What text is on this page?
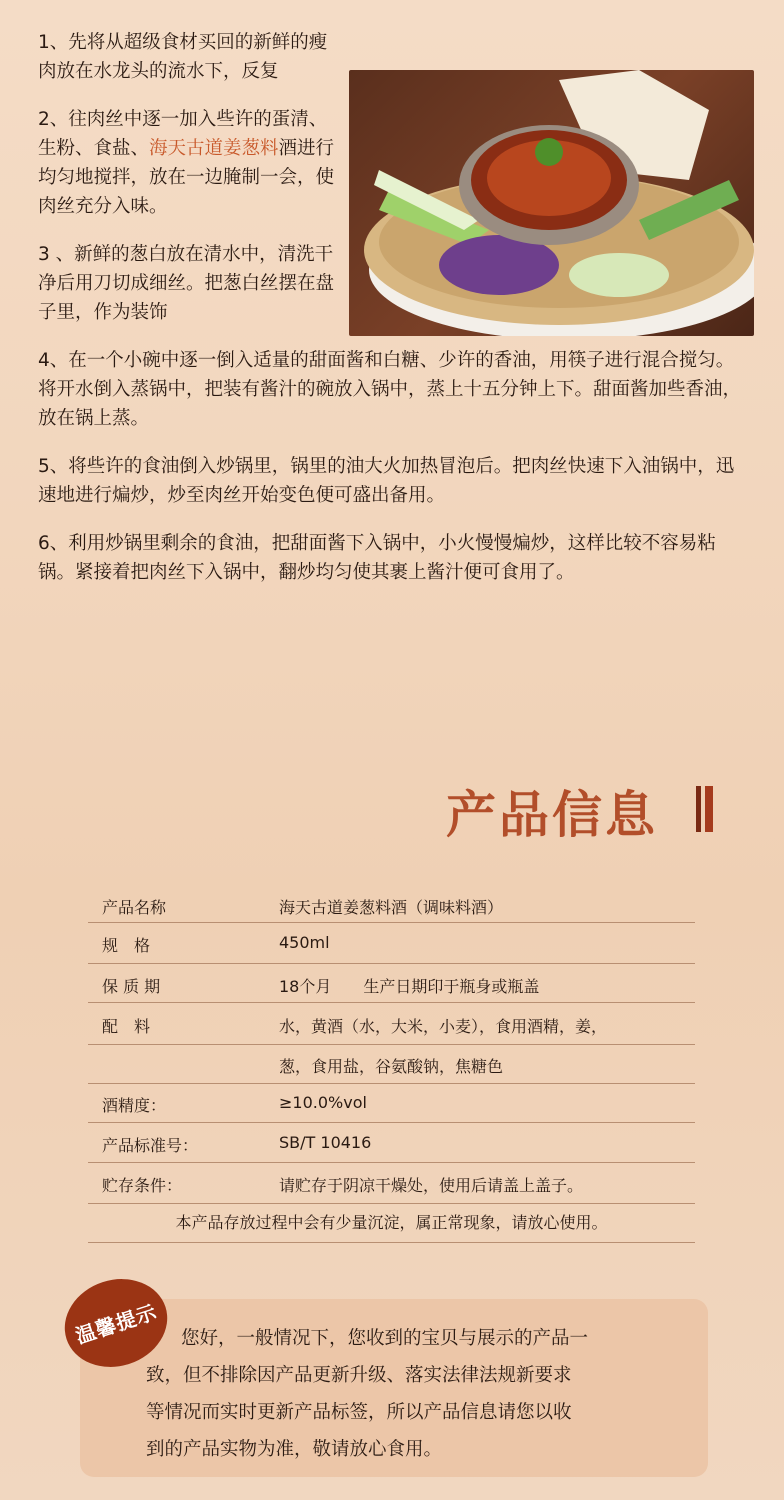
1、先将从超级食材买回的新鲜的瘦肉放在水龙头的流水下，反复

2、往肉丝中逐一加入些许的蛋清、生粉、食盐、海天古道姜葱料酒进行均匀地搅拌，放在一边腌制一会，使肉丝充分入味。

3 、新鲜的葱白放在清水中，清洗干净后用刀切成细丝。把葱白丝摆在盘子里，作为装饰

4、在一个小碗中逐一倒入适量的甜面酱和白糖、少许的香油，用筷子进行混合搅匀。将开水倒入蒸锅中，把装有酱汁的碗放入锅中，蒸上十五分钟上下。甜面酱加些香油，放在锅上蒸。

5、将些许的食油倒入炒锅里，锅里的油大火加热冒泡后。把肉丝快速下入油锅中，迅速地进行煸炒，炒至肉丝开始变色便可盛出备用。

6、利用炒锅里剩余的食油，把甜面酱下入锅中，小火慢慢煸炒，这样比较不容易粘锅。紧接着把肉丝下入锅中，翻炒均匀使其裹上酱汁便可食用了。

产品信息
产品名称	海天古道姜葱料酒（调味料酒）
规　格	450ml
保 质 期	18个月　　生产日期印于瓶身或瓶盖
配　料	水，黄酒（水，大米，小麦），食用酒精，姜，
葱，食用盐，谷氨酸钠，焦糖色
酒精度：	≥10.0%vol
产品标准号：	SB/T 10416
贮存条件：	请贮存于阴凉干燥处，使用后请盖上盖子。
本产品存放过程中会有少量沉淀，属正常现象，请放心使用。
温馨提示	您好，一般情况下，您收到的宝贝与展示的产品一
致，但不排除因产品更新升级、落实法律法规新要求
等情况而实时更新产品标签，所以产品信息请您以收
到的产品实物为准，敬请放心食用。
